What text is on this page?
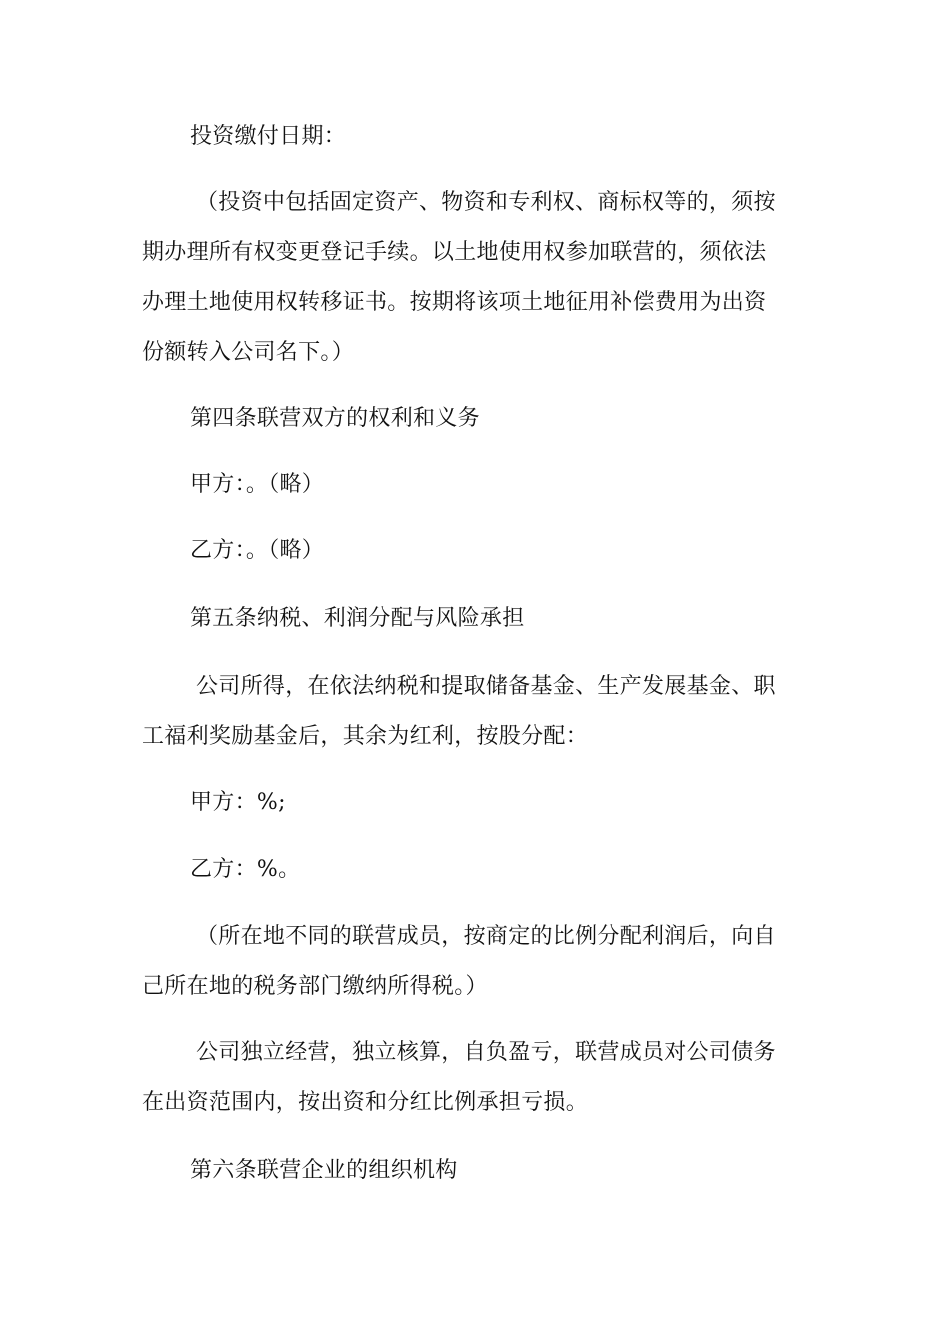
投资缴付日期：
（投资中包括固定资产、物资和专利权、商标权等的，须按
期办理所有权变更登记手续。以土地使用权参加联营的，须依法
办理土地使用权转移证书。按期将该项土地征用补偿费用为出资
份额转入公司名下。）
第四条联营双方的权利和义务
甲方：。（略）
乙方：。（略）
第五条纳税、利润分配与风险承担
公司所得，在依法纳税和提取储备基金、生产发展基金、职
工福利奖励基金后，其余为红利，按股分配：
甲方：%;
乙方：%。
（所在地不同的联营成员，按商定的比例分配利润后，向自
己所在地的税务部门缴纳所得税。）
公司独立经营，独立核算，自负盈亏，联营成员对公司债务
在出资范围内，按出资和分红比例承担亏损。
第六条联营企业的组织机构
